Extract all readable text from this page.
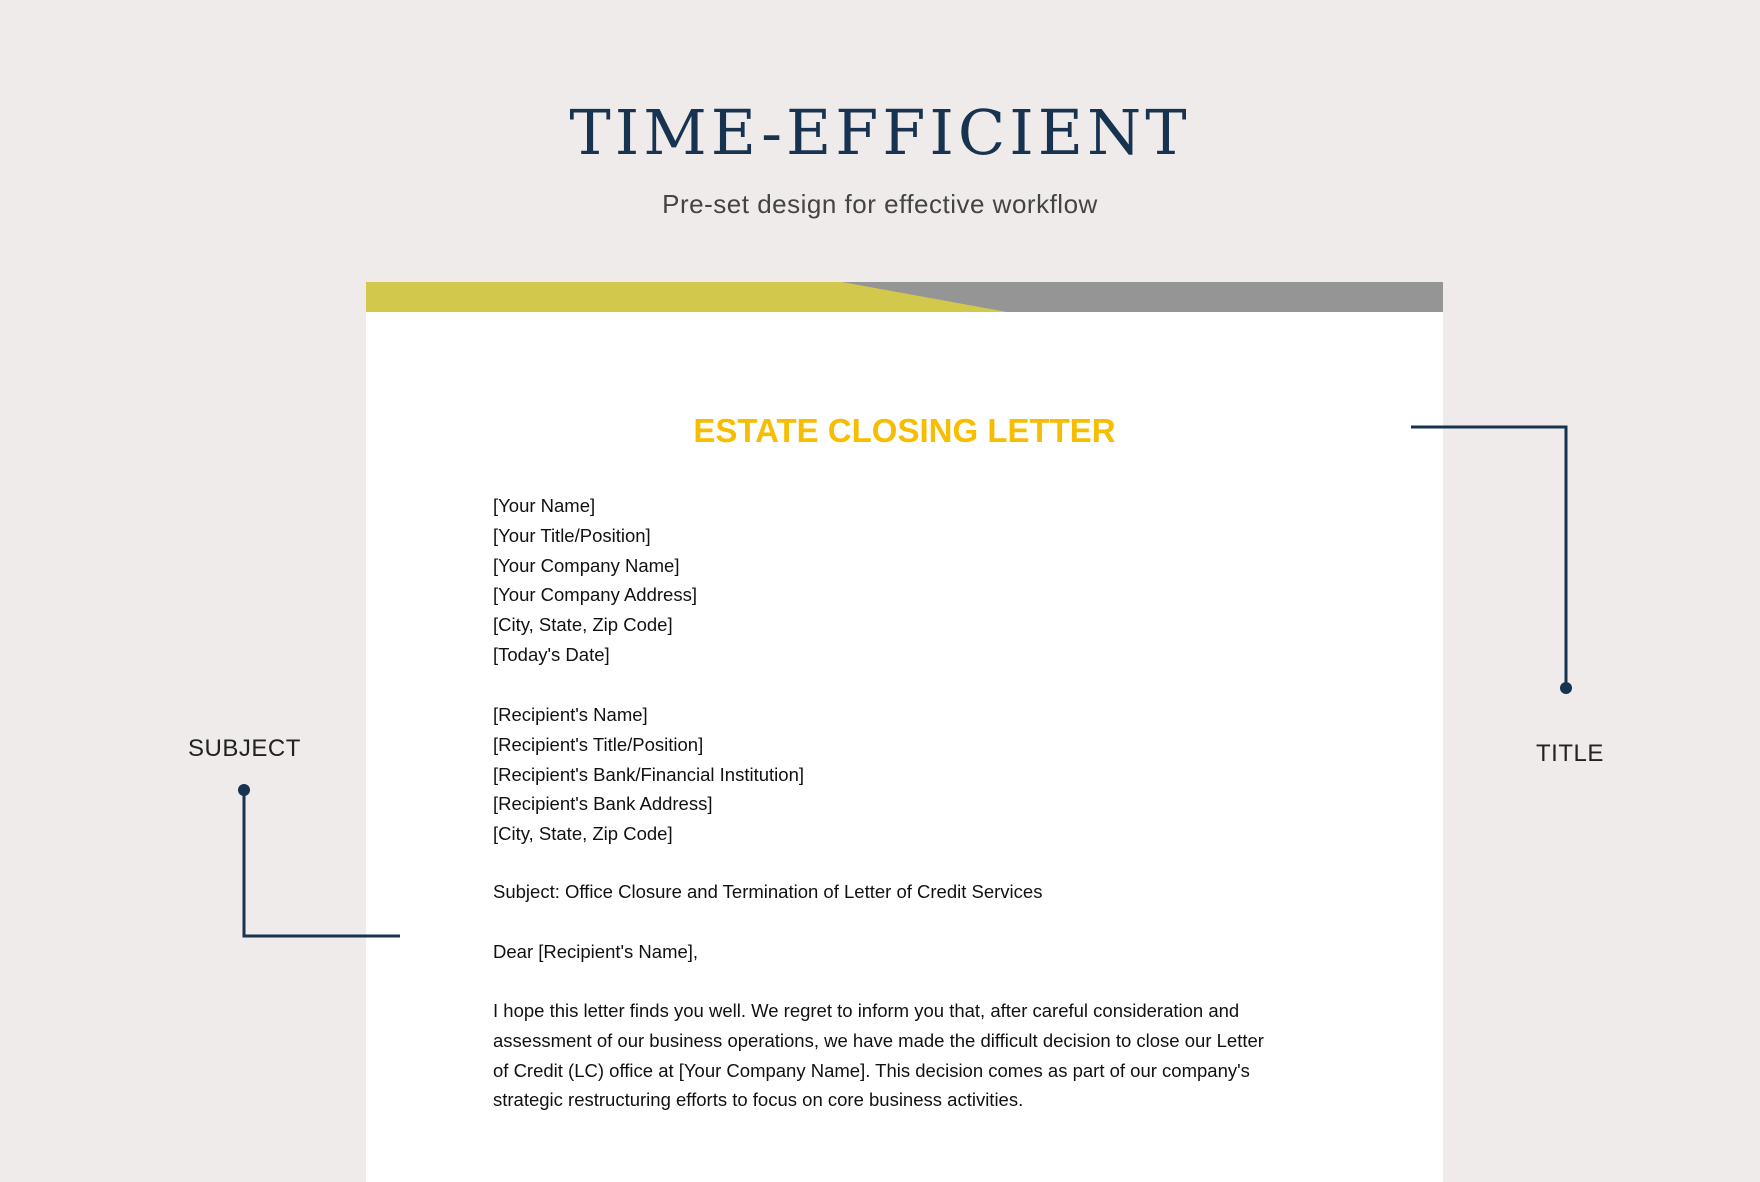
TIME-EFFICIENT
Pre-set design for effective workflow
ESTATE CLOSING LETTER
[Your Name]
[Your Title/Position]
[Your Company Name]
[Your Company Address]
[City, State, Zip Code]
[Today's Date]
[Recipient's Name]
[Recipient's Title/Position]
[Recipient's Bank/Financial Institution]
[Recipient's Bank Address]
[City, State, Zip Code]
Subject: Office Closure and Termination of Letter of Credit Services
Dear [Recipient's Name],
I hope this letter finds you well. We regret to inform you that, after careful consideration and
assessment of our business operations, we have made the difficult decision to close our Letter
of Credit (LC) office at [Your Company Name]. This decision comes as part of our company's
strategic restructuring efforts to focus on core business activities.
SUBJECT	TITLE
